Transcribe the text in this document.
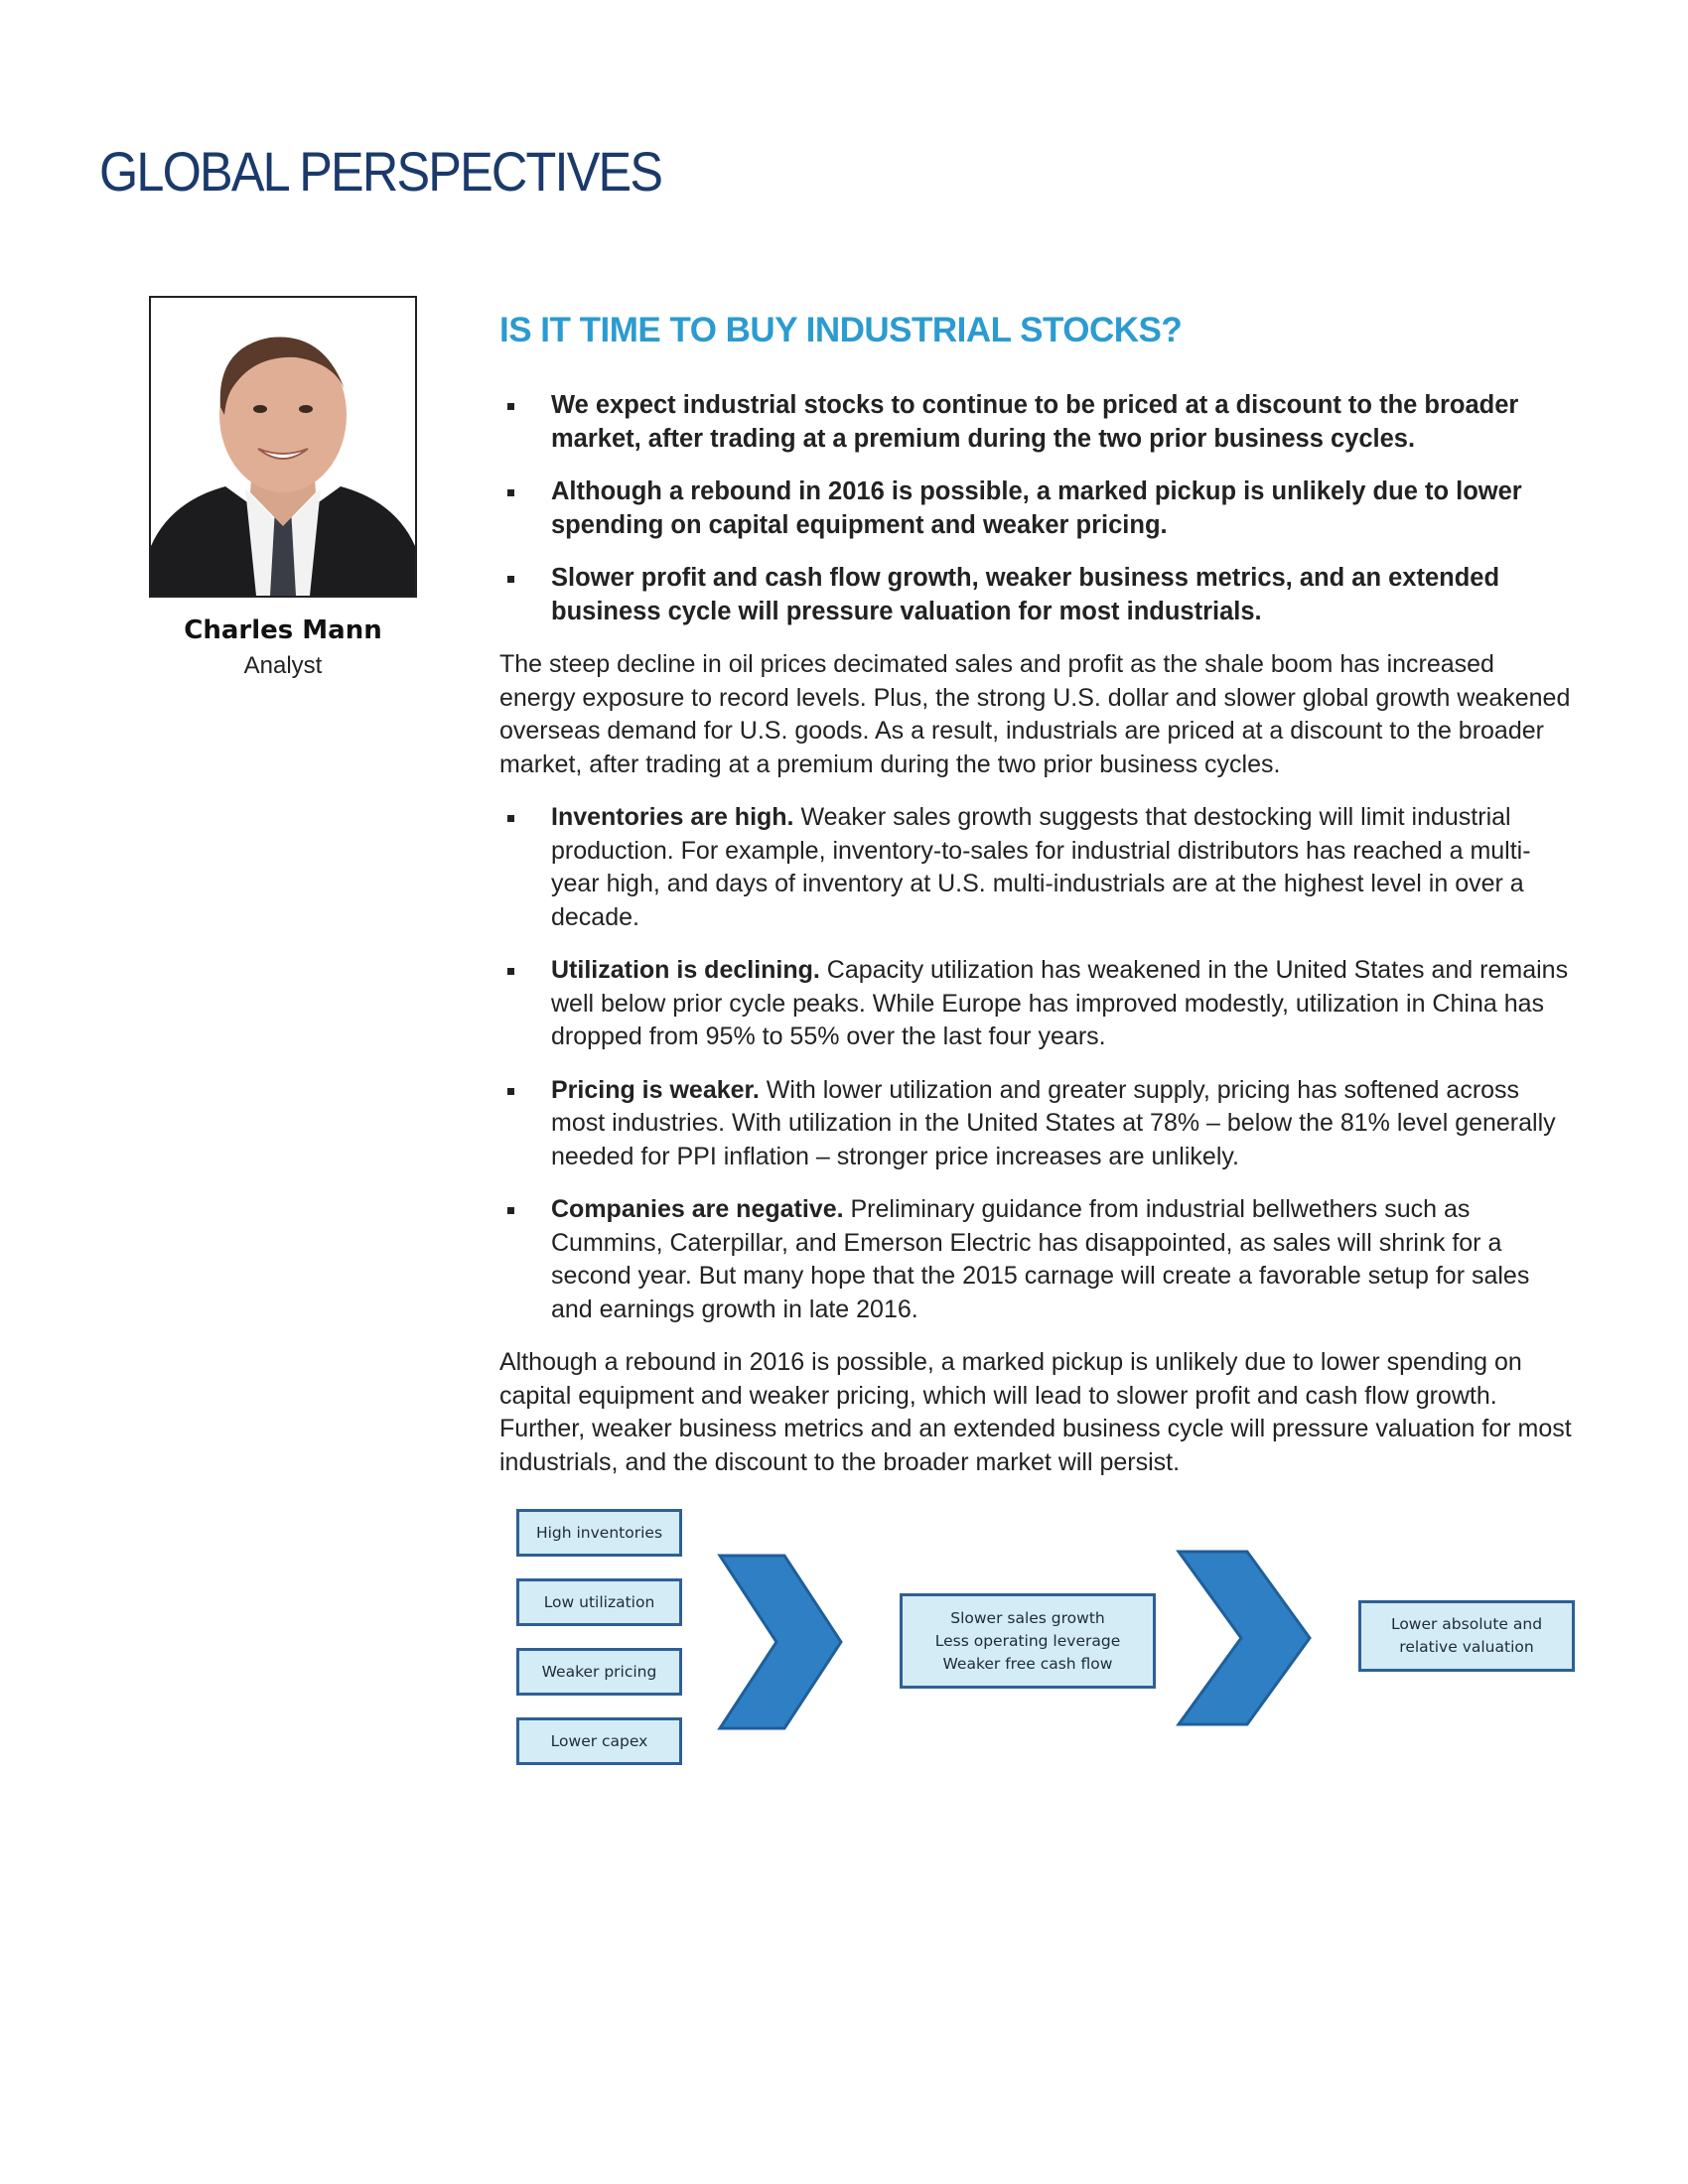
GLOBAL PERSPECTIVES
Charles Mann
Analyst
IS IT TIME TO BUY INDUSTRIAL STOCKS?
We expect industrial stocks to continue to be priced at a discount to the broader market, after trading at a premium during the two prior business cycles.
Although a rebound in 2016 is possible, a marked pickup is unlikely due to lower spending on capital equipment and weaker pricing.
Slower profit and cash flow growth, weaker business metrics, and an extended business cycle will pressure valuation for most industrials.

The steep decline in oil prices decimated sales and profit as the shale boom has increased energy exposure to record levels. Plus, the strong U.S. dollar and slower global growth weakened overseas demand for U.S. goods. As a result, industrials are priced at a discount to the broader market, after trading at a premium during the two prior business cycles.

Inventories are high. Weaker sales growth suggests that destocking will limit industrial production. For example, inventory-to-sales for industrial distributors has reached a multi-year high, and days of inventory at U.S. multi-industrials are at the highest level in over a decade.
Utilization is declining. Capacity utilization has weakened in the United States and remains well below prior cycle peaks. While Europe has improved modestly, utilization in China has dropped from 95% to 55% over the last four years.
Pricing is weaker. With lower utilization and greater supply, pricing has softened across most industries. With utilization in the United States at 78% – below the 81% level generally needed for PPI inflation – stronger price increases are unlikely.
Companies are negative. Preliminary guidance from industrial bellwethers such as Cummins, Caterpillar, and Emerson Electric has disappointed, as sales will shrink for a second year. But many hope that the 2015 carnage will create a favorable setup for sales and earnings growth in late 2016.

Although a rebound in 2016 is possible, a marked pickup is unlikely due to lower spending on capital equipment and weaker pricing, which will lead to slower profit and cash flow growth. Further, weaker business metrics and an extended business cycle will pressure valuation for most industrials, and the discount to the broader market will persist.

High inventories
Low utilization
Weaker pricing
Lower capex
Slower sales growth
Less operating leverage
Weaker free cash flow
Lower absolute and
relative valuation
